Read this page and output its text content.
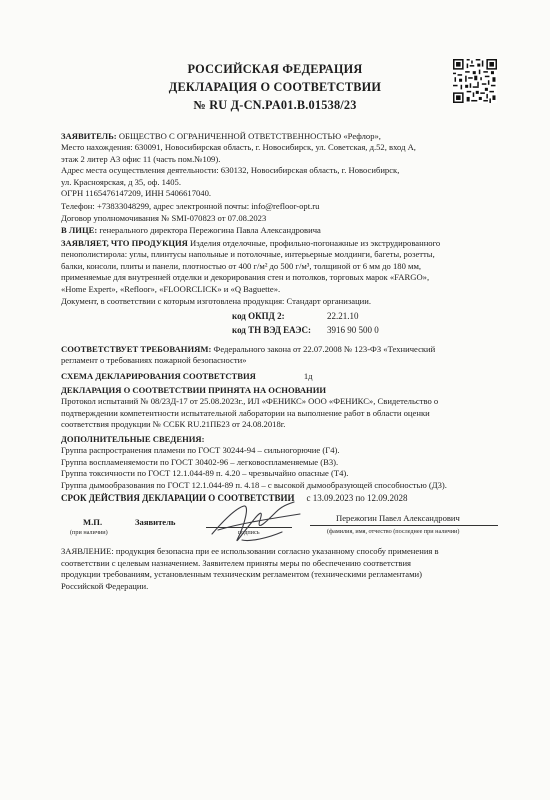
РОССИЙСКАЯ ФЕДЕРАЦИЯ
ДЕКЛАРАЦИЯ О СООТВЕТСТВИИ
№ RU Д-CN.PA01.B.01538/23
ЗАЯВИТЕЛЬ: ОБЩЕСТВО С ОГРАНИЧЕННОЙ ОТВЕТСТВЕННОСТЬЮ «Рефлор»,
Место нахождения: 630091, Новосибирская область, г. Новосибирск, ул. Советская, д.52, вход А,
этаж 2 литер А3 офис 11 (часть пом.№109).
Адрес места осуществления деятельности: 630132, Новосибирская область, г. Новосибирск,
ул. Красноярская, д 35, оф. 1405.
ОГРН 1165476147209, ИНН 5406617040.
Телефон: +73833048299, адрес электронной почты: info@refloor-opt.ru
Договор уполномочивания № SMI-070823 от 07.08.2023
В ЛИЦЕ: генерального директора Пережогина Павла Александровича
ЗАЯВЛЯЕТ, ЧТО ПРОДУКЦИЯ Изделия отделочные, профильно-погонажные из экструдированного
пенополистирола: углы, плинтусы напольные и потолочные, интерьерные молдинги, багеты, розетты,
балки, консоли, плиты и панели, плотностью от 400 г/м² до 500 г/м³, толщиной от 6 мм до 180 мм,
применяемые для внутренней отделки и декорирования стен и потолков, торговых марок «FARGO»,
«Home Expert», «Refloor», «FLOORCLICK» и «Q Baguette».
Документ, в соответствии с которым изготовлена продукция: Стандарт организации.
код ОКПД 2:	22.21.10
код ТН ВЭД ЕАЭС: 3916 90 500 0
СООТВЕТСТВУЕТ ТРЕБОВАНИЯМ: Федерального закона от 22.07.2008 № 123-ФЗ «Технический
регламент о требованиях пожарной безопасности»
СХЕМА ДЕКЛАРИРОВАНИЯ СООТВЕТСТВИЯ	1д
ДЕКЛАРАЦИЯ О СООТВЕТСТВИИ ПРИНЯТА НА ОСНОВАНИИ
Протокол испытаний № 08/23Д-17 от 25.08.2023г., ИЛ «ФЕНИКС» ООО «ФЕНИКС», Свидетельство о
подтверждении компетентности испытательной лаборатории на выполнение работ в области оценки
соответствия продукции № ССБК RU.21ПБ23 от 24.08.2018г.
ДОПОЛНИТЕЛЬНЫЕ СВЕДЕНИЯ:
Группа распространения пламени по ГОСТ 30244-94 – сильногорючие (Г4).
Группа воспламеняемости по ГОСТ 30402-96 – легковоспламеняемые (В3).
Группа токсичности по ГОСТ 12.1.044-89 п. 4.20 – чрезвычайно опасные (Т4).
Группа дымообразования по ГОСТ 12.1.044-89 п. 4.18 – с высокой дымообразующей способностью (Д3).
СРОК ДЕЙСТВИЯ ДЕКЛАРАЦИИ О СООТВЕТСТВИИ с 13.09.2023 по 12.09.2028
М.П.
(при наличии)
Заявитель
подпись
Пережогин Павел Александрович
(фамилия, имя, отчество (последнее при наличии)
ЗАЯВЛЕНИЕ: продукция безопасна при ее использовании согласно указанному способу применения в
соответствии с целевым назначением. Заявителем приняты меры по обеспечению соответствия
продукции требованиям, установленным техническим регламентом (техническими регламентами)
Российской Федерации.
